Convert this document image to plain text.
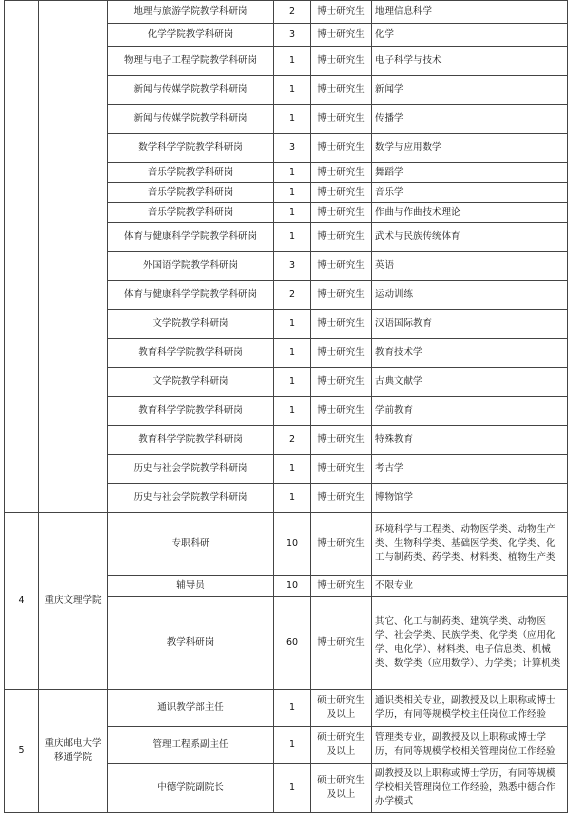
		地理与旅游学院教学科研岗	2	博士研究生	地理信息科学
		化学学院教学科研岗	3	博士研究生	化学
		物理与电子工程学院教学科研岗	1	博士研究生	电子科学与技术
		新闻与传媒学院教学科研岗	1	博士研究生	新闻学
		新闻与传媒学院教学科研岗	1	博士研究生	传播学
		数学科学学院教学科研岗	3	博士研究生	数学与应用数学
		音乐学院教学科研岗	1	博士研究生	舞蹈学
		音乐学院教学科研岗	1	博士研究生	音乐学
		音乐学院教学科研岗	1	博士研究生	作曲与作曲技术理论
		体育与健康科学学院教学科研岗	1	博士研究生	武术与民族传统体育
		外国语学院教学科研岗	3	博士研究生	英语
		体育与健康科学学院教学科研岗	2	博士研究生	运动训练
		文学院教学科研岗	1	博士研究生	汉语国际教育
		教育科学学院教学科研岗	1	博士研究生	教育技术学
		文学院教学科研岗	1	博士研究生	古典文献学
		教育科学学院教学科研岗	1	博士研究生	学前教育
		教育科学学院教学科研岗	2	博士研究生	特殊教育
		历史与社会学院教学科研岗	1	博士研究生	考古学
		历史与社会学院教学科研岗	1	博士研究生	博物馆学
4	重庆文理学院	专职科研	10	博士研究生	环境科学与工程类、动物医学类、动物生产类、生物科学类、基础医学类、化学类、化工与制药类、药学类、材料类、植物生产类
		辅导员	10	博士研究生	不限专业
		教学科研岗	60	博士研究生	其它、化工与制药类、建筑学类、动物医学、社会学类、民族学类、化学类（应用化学、电化学）、材料类、电子信息类、机械类、数学类（应用数学）、力学类；计算机类
5	重庆邮电大学移通学院	通识教学部主任	1	硕士研究生及以上	通识类相关专业，副教授及以上职称或博士学历，有同等规模学校主任岗位工作经验
		管理工程系副主任	1	硕士研究生及以上	管理类专业，副教授及以上职称或博士学历，有同等规模学校相关管理岗位工作经验
		中德学院副院长	1	硕士研究生及以上	副教授及以上职称或博士学历，有同等规模学校相关管理岗位工作经验，熟悉中德合作办学模式
